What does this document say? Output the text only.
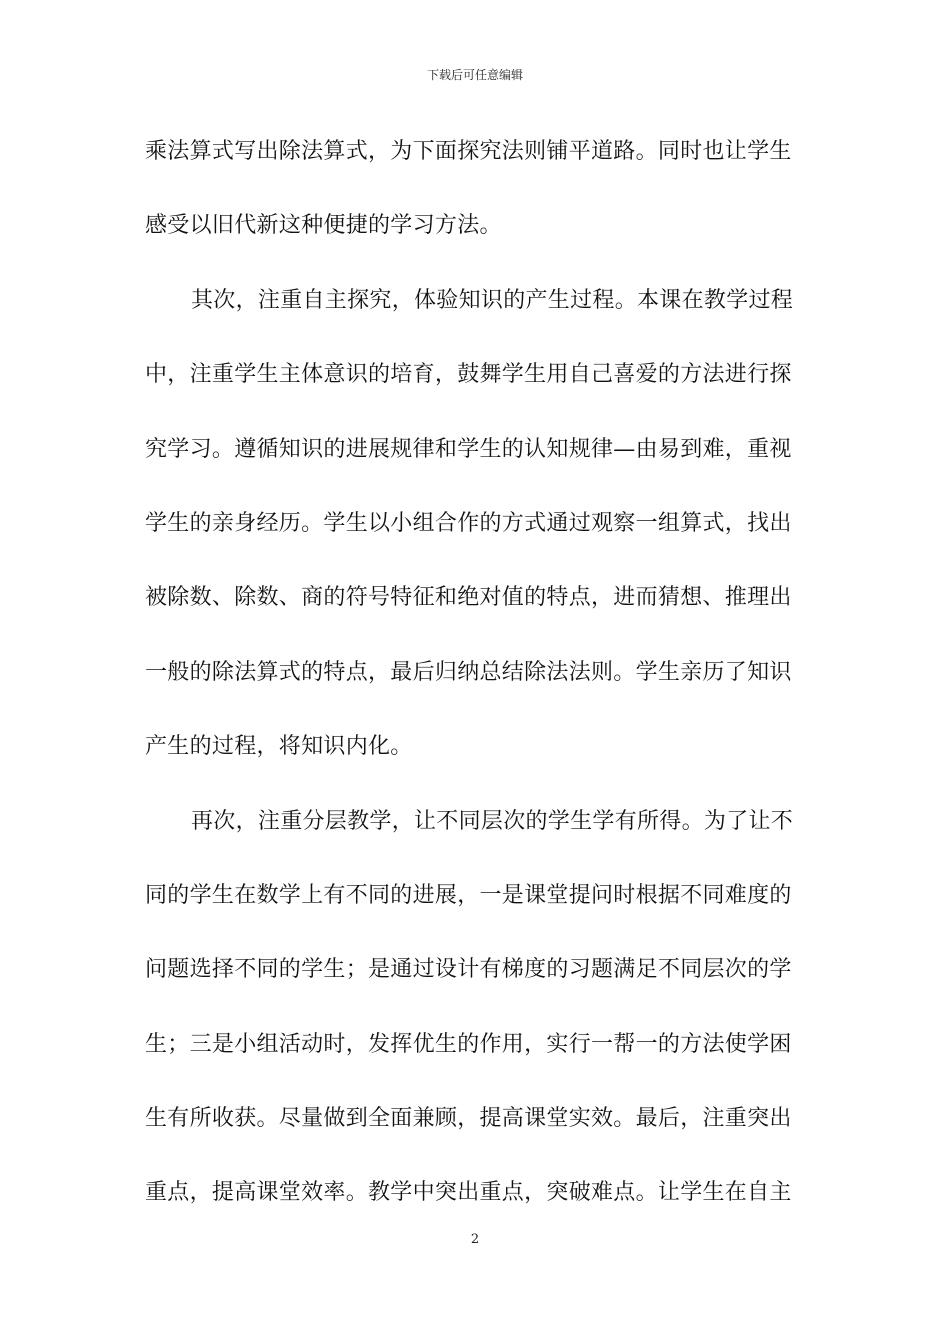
下载后可任意编辑
乘法算式写出除法算式，为下面探究法则铺平道路。同时也让学生
感受以旧代新这种便捷的学习方法。
其次，注重自主探究，体验知识的产生过程。本课在教学过程
中，注重学生主体意识的培育，鼓舞学生用自己喜爱的方法进行探
究学习。遵循知识的进展规律和学生的认知规律—由易到难，重视
学生的亲身经历。学生以小组合作的方式通过观察一组算式，找出
被除数、除数、商的符号特征和绝对值的特点，进而猜想、推理出
一般的除法算式的特点，最后归纳总结除法法则。学生亲历了知识
产生的过程，将知识内化。
再次，注重分层教学，让不同层次的学生学有所得。为了让不
同的学生在数学上有不同的进展，一是课堂提问时根据不同难度的
问题选择不同的学生；是通过设计有梯度的习题满足不同层次的学
生；三是小组活动时，发挥优生的作用，实行一帮一的方法使学困
生有所收获。尽量做到全面兼顾，提高课堂实效。最后，注重突出
重点，提高课堂效率。教学中突出重点，突破难点。让学生在自主
2
